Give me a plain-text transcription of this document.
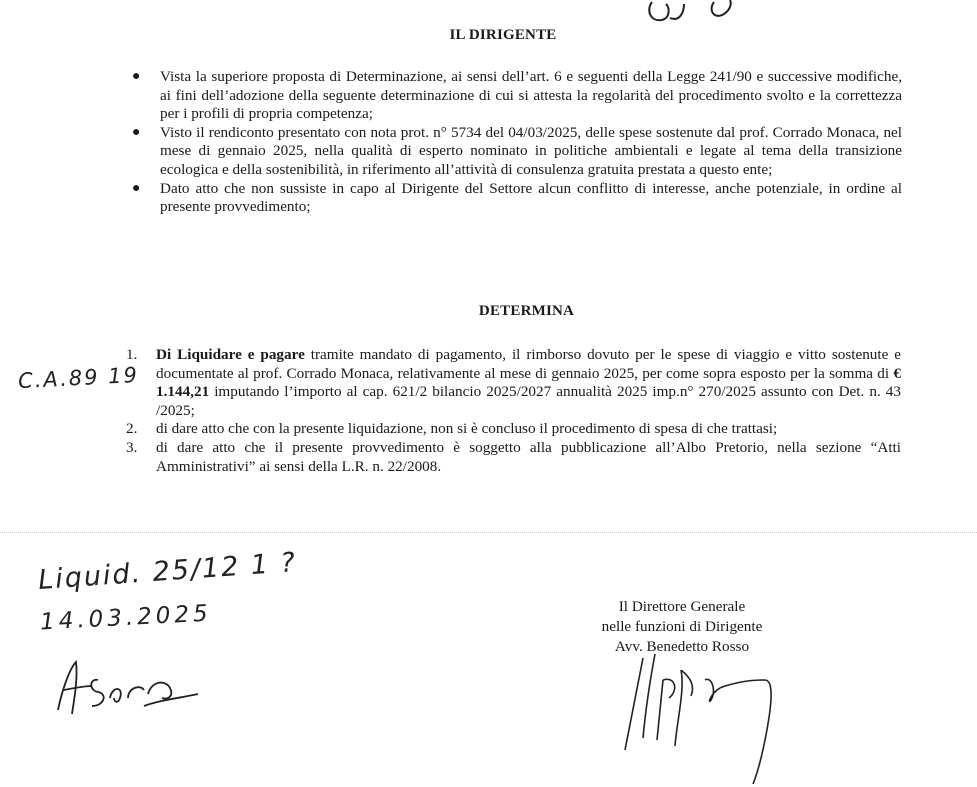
IL DIRIGENTE

● Vista la superiore proposta di Determinazione, ai sensi dell’art. 6 e seguenti della Legge 241/90 e successive modifiche, ai fini dell’adozione della seguente determinazione di cui si attesta la regolarità del procedimento svolto e la correttezza per i profili di propria competenza;

● Visto il rendiconto presentato con nota prot. n° 5734 del 04/03/2025, delle spese sostenute dal prof. Corrado Monaca, nel mese di gennaio 2025, nella qualità di esperto nominato in politiche ambientali e legate al tema della transizione ecologica e della sostenibilità, in riferimento all’attività di consulenza gratuita prestata a questo ente;

● Dato atto che non sussiste in capo al Dirigente del Settore alcun conflitto di interesse, anche potenziale, in ordine al presente provvedimento;

DETERMINA

1. Di Liquidare e pagare tramite mandato di pagamento, il rimborso dovuto per le spese di viaggio e vitto sostenute e documentate al prof. Corrado Monaca, relativamente al mese di gennaio 2025, per come sopra esposto per la somma di € 1.144,21 imputando l’importo al cap. 621/2 bilancio 2025/2027 annualità 2025 imp.n° 270/2025 assunto con Det. n. 43 /2025;

2. di dare atto che con la presente liquidazione, non si è concluso il procedimento di spesa di che trattasi;

3. di dare atto che il presente provvedimento è soggetto alla pubblicazione all’Albo Pretorio, nella sezione “Atti Amministrativi” ai sensi della L.R. n. 22/2008.

C.A.89 19
Liquid. 25/12 1 ?
14.03.2025	Il Direttore Generale
nelle funzioni di Dirigente
Avv. Benedetto Rosso
